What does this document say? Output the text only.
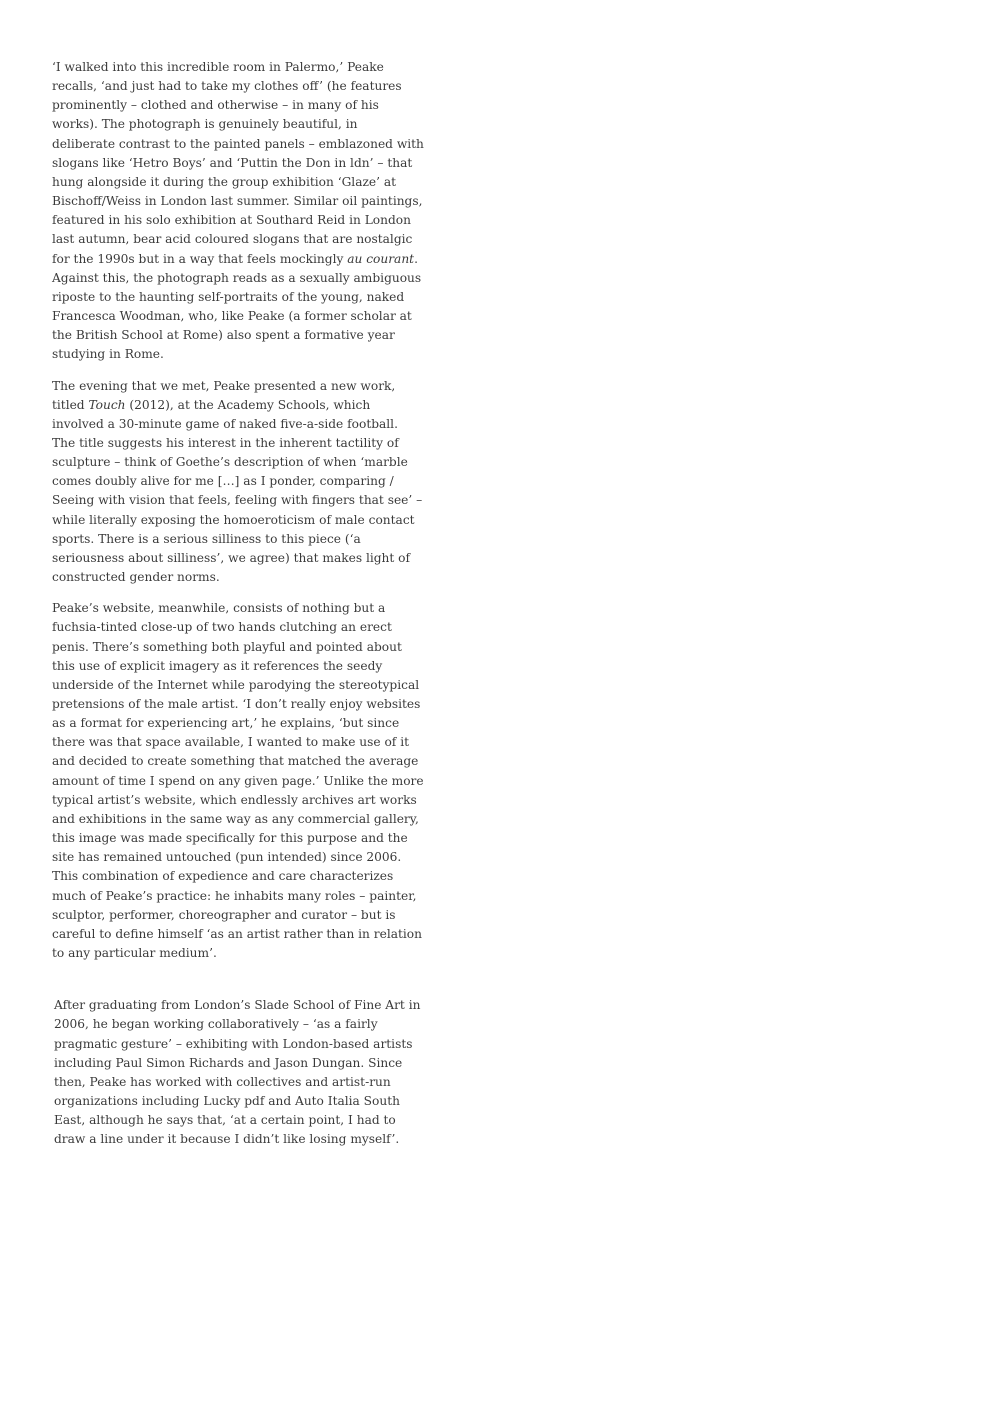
‘I walked into this incredible room in Palermo,’ Peake recalls, ‘and just had to take my clothes off’ (he features prominently – clothed and otherwise – in many of his works). The photograph is genuinely beautiful, in deliberate contrast to the painted panels – emblazoned with slogans like ‘Hetro Boys’ and ‘Puttin the Don in ldn’ – that hung alongside it during the group exhibition ‘Glaze’ at Bischoff/Weiss in London last summer. Similar oil paintings, featured in his solo exhibition at Southard Reid in London last autumn, bear acid coloured slogans that are nostalgic for the 1990s but in a way that feels mockingly au courant. Against this, the photograph reads as a sexually ambiguous riposte to the haunting self-portraits of the young, naked Francesca Woodman, who, like Peake (a former scholar at the British School at Rome) also spent a formative year studying in Rome.

The evening that we met, Peake presented a new work, titled Touch (2012), at the Academy Schools, which involved a 30-minute game of naked five-a-side football. The title suggests his interest in the inherent tactility of sculpture – think of Goethe’s description of when ‘marble comes doubly alive for me […] as I ponder, comparing / Seeing with vision that feels, feeling with fingers that see’ – while literally exposing the homoeroticism of male contact sports. There is a serious silliness to this piece (‘a seriousness about silliness’, we agree) that makes light of constructed gender norms.

Peake’s website, meanwhile, consists of nothing but a fuchsia-tinted close-up of two hands clutching an erect penis. There’s something both playful and pointed about this use of explicit imagery as it references the seedy underside of the Internet while parodying the stereotypical pretensions of the male artist. ‘I don’t really enjoy websites as a format for experiencing art,’ he explains, ‘but since there was that space available, I wanted to make use of it and decided to create something that matched the average amount of time I spend on any given page.’ Unlike the more typical artist’s website, which endlessly archives art works and exhibitions in the same way as any commercial gallery, this image was made specifically for this purpose and the site has remained untouched (pun intended) since 2006. This combination of expedience and care characterizes much of Peake’s practice: he inhabits many roles – painter, sculptor, performer, choreographer and curator – but is careful to define himself ‘as an artist rather than in relation to any particular medium’.

After graduating from London’s Slade School of Fine Art in 2006, he began working collaboratively – ‘as a fairly pragmatic gesture’ – exhibiting with London-based artists including Paul Simon Richards and Jason Dungan. Since then, Peake has worked with collectives and artist-run organizations including Lucky pdf and Auto Italia South East, although he says that, ‘at a certain point, I had to draw a line under it because I didn’t like losing myself’.
